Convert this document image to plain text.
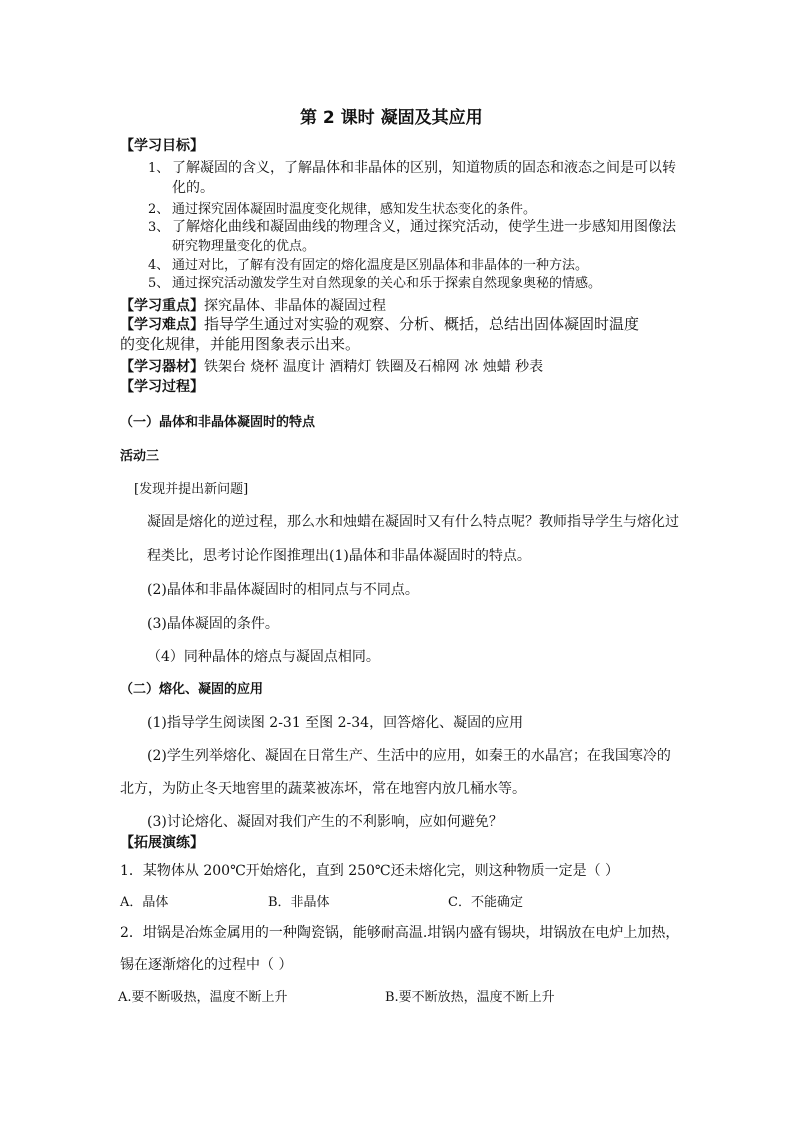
第 2 课时 凝固及其应用
【学习目标】
1、 了解凝固的含义，了解晶体和非晶体的区别，知道物质的固态和液态之间是可以转
化的。
2、 通过探究固体凝固时温度变化规律，感知发生状态变化的条件。
3、 了解熔化曲线和凝固曲线的物理含义，通过探究活动，使学生进一步感知用图像法
研究物理量变化的优点。
4、 通过对比，了解有没有固定的熔化温度是区别晶体和非晶体的一种方法。
5、 通过探究活动激发学生对自然现象的关心和乐于探索自然现象奥秘的情感。
【学习重点】探究晶体、非晶体的凝固过程
【学习难点】指导学生通过对实验的观察、分析、概括，总结出固体凝固时温度
的变化规律，并能用图象表示出来。
【学习器材】铁架台 烧杯 温度计 酒精灯 铁圈及石棉网 冰 烛蜡 秒表
【学习过程】
（一）晶体和非晶体凝固时的特点
活动三
[发现并提出新问题]
凝固是熔化的逆过程，那么水和烛蜡在凝固时又有什么特点呢？教师指导学生与熔化过
程类比，思考讨论作图推理出(1)晶体和非晶体凝固时的特点。
(2)晶体和非晶体凝固时的相同点与不同点。
(3)晶体凝固的条件。
（4）同种晶体的熔点与凝固点相同。
（二）熔化、凝固的应用
(1)指导学生阅读图 2-31 至图 2-34，回答熔化、凝固的应用
(2)学生列举熔化、凝固在日常生产、生活中的应用，如秦王的水晶宫；在我国寒冷的
北方，为防止冬天地窖里的蔬菜被冻坏，常在地窖内放几桶水等。
(3)讨论熔化、凝固对我们产生的不利影响，应如何避免？
【拓展演练】
1．某物体从 200℃开始熔化，直到 250℃还未熔化完，则这种物质一定是（ ）
A．晶体	B．非晶体	C．不能确定
2．坩锅是冶炼金属用的一种陶瓷锅，能够耐高温.坩锅内盛有锡块，坩锅放在电炉上加热，
锡在逐渐熔化的过程中（ ）
A.要不断吸热，温度不断上升	B.要不断放热，温度不断上升
